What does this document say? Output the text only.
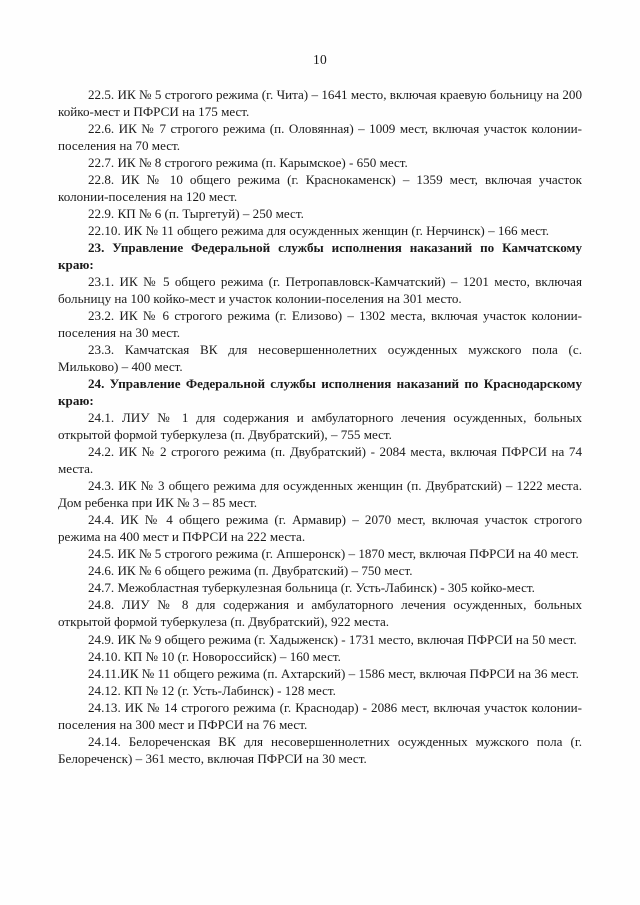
10

22.5. ИК № 5 строгого режима (г. Чита) – 1641 место, включая краевую больницу на 200 койко-мест и ПФРСИ на 175 мест.

22.6. ИК № 7 строгого режима (п. Оловянная) – 1009 мест, включая участок колонии-поселения на 70 мест.

22.7. ИК № 8 строгого режима (п. Карымское) - 650 мест.

22.8. ИК № 10 общего режима (г. Краснокаменск) – 1359 мест, включая участок колонии-поселения на 120 мест.

22.9. КП № 6 (п. Тыргетуй) – 250 мест.

22.10. ИК № 11 общего режима для осужденных женщин (г. Нерчинск) – 166 мест.

23. Управление Федеральной службы исполнения наказаний по Камчатскому краю:

23.1. ИК № 5 общего режима (г. Петропавловск-Камчатский) – 1201 место, включая больницу на 100 койко-мест и участок колонии-поселения на 301 место.

23.2. ИК № 6 строгого режима (г. Елизово) – 1302 места, включая участок колонии-поселения на 30 мест.

23.3. Камчатская ВК для несовершеннолетних осужденных мужского пола (с. Мильково) – 400 мест.

24. Управление Федеральной службы исполнения наказаний по Краснодарскому краю:

24.1. ЛИУ № 1 для содержания и амбулаторного лечения осужденных, больных открытой формой туберкулеза (п. Двубратский), – 755 мест.

24.2. ИК № 2 строгого режима (п. Двубратский) - 2084 места, включая ПФРСИ на 74 места.

24.3. ИК № 3 общего режима для осужденных женщин (п. Двубратский) – 1222 места. Дом ребенка при ИК № 3 – 85 мест.

24.4. ИК № 4 общего режима (г. Армавир) – 2070 мест, включая участок строгого режима на 400 мест и ПФРСИ на 222 места.

24.5. ИК № 5 строгого режима (г. Апшеронск) – 1870 мест, включая ПФРСИ на 40 мест.

24.6. ИК № 6 общего режима (п. Двубратский) – 750 мест.

24.7. Межобластная туберкулезная больница (г. Усть-Лабинск) - 305 койко-мест.

24.8. ЛИУ № 8 для содержания и амбулаторного лечения осужденных, больных открытой формой туберкулеза (п. Двубратский), 922 места.

24.9. ИК № 9 общего режима (г. Хадыженск) - 1731 место, включая ПФРСИ на 50 мест.

24.10. КП № 10 (г. Новороссийск) – 160 мест.

24.11.ИК № 11 общего режима (п. Ахтарский) – 1586 мест, включая ПФРСИ на 36 мест.

24.12. КП № 12 (г. Усть-Лабинск) - 128 мест.

24.13. ИК № 14 строгого режима (г. Краснодар) - 2086 мест, включая участок колонии-поселения на 300 мест и ПФРСИ на 76 мест.

24.14. Белореченская ВК для несовершеннолетних осужденных мужского пола (г. Белореченск) – 361 место, включая ПФРСИ на 30 мест.
